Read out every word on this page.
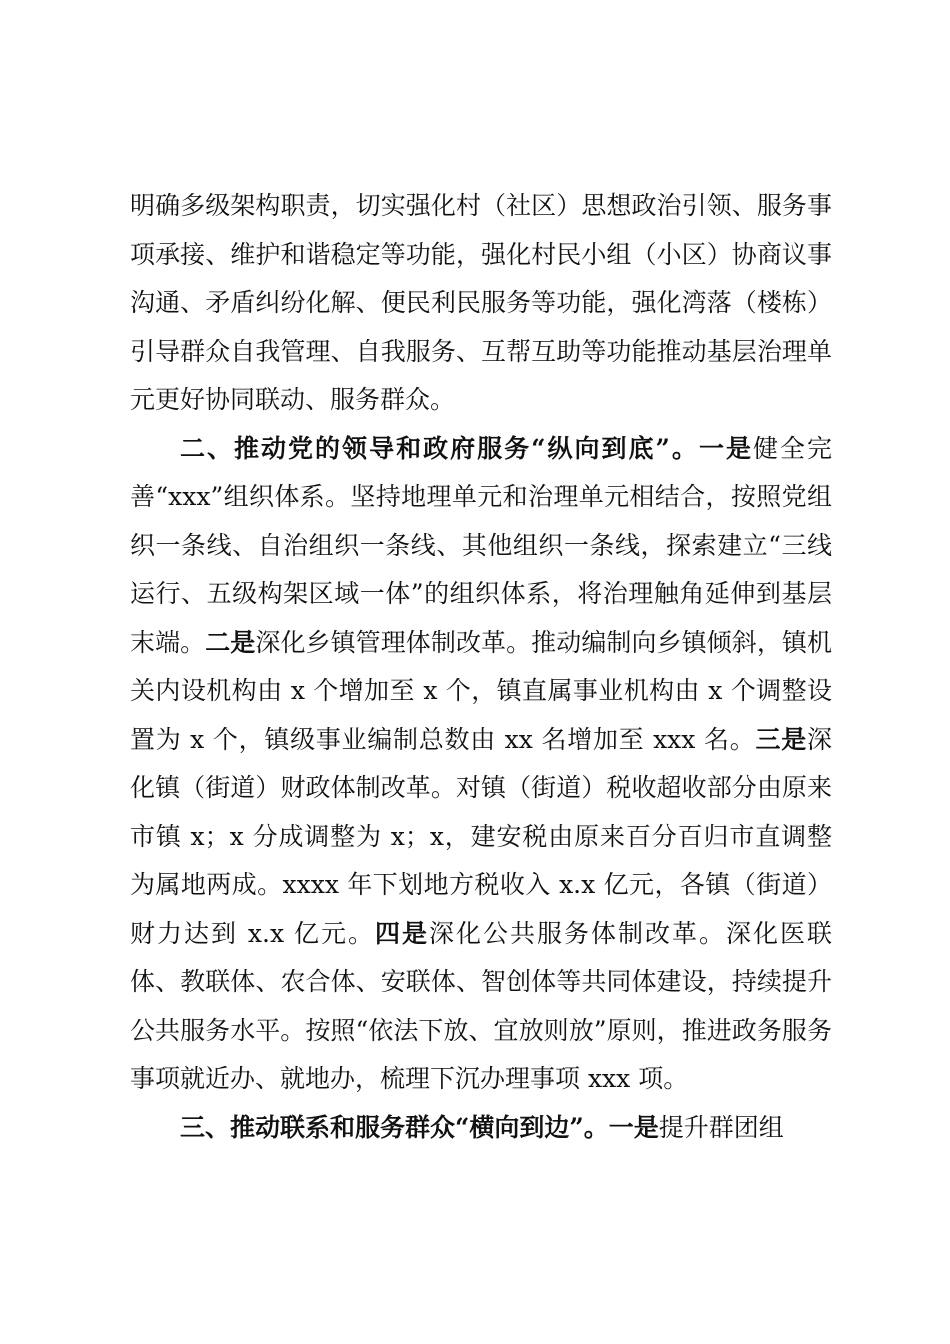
明确多级架构职责，切实强化村（社区）思想政治引领、服务事项承接、维护和谐稳定等功能，强化村民小组（小区）协商议事沟通、矛盾纠纷化解、便民利民服务等功能，强化湾落（楼栋）引导群众自我管理、自我服务、互帮互助等功能推动基层治理单元更好协同联动、服务群众。

二、推动党的领导和政府服务“纵向到底”。一是健全完善“xxx”组织体系。坚持地理单元和治理单元相结合，按照党组织一条线、自治组织一条线、其他组织一条线，探索建立“三线运行、五级构架区域一体”的组织体系，将治理触角延伸到基层末端。二是深化乡镇管理体制改革。推动编制向乡镇倾斜，镇机关内设机构由 x 个增加至 x 个，镇直属事业机构由 x 个调整设置为 x 个，镇级事业编制总数由 xx 名增加至 xxx 名。三是深化镇（街道）财政体制改革。对镇（街道）税收超收部分由原来市镇 x；x 分成调整为 x；x，建安税由原来百分百归市直调整为属地两成。xxxx 年下划地方税收入 x.x 亿元，各镇（街道）财力达到 x.x 亿元。四是深化公共服务体制改革。深化医联体、教联体、农合体、安联体、智创体等共同体建设，持续提升公共服务水平。按照“依法下放、宜放则放”原则，推进政务服务事项就近办、就地办，梳理下沉办理事项 xxx 项。

三、推动联系和服务群众“横向到边”。一是提升群团组
